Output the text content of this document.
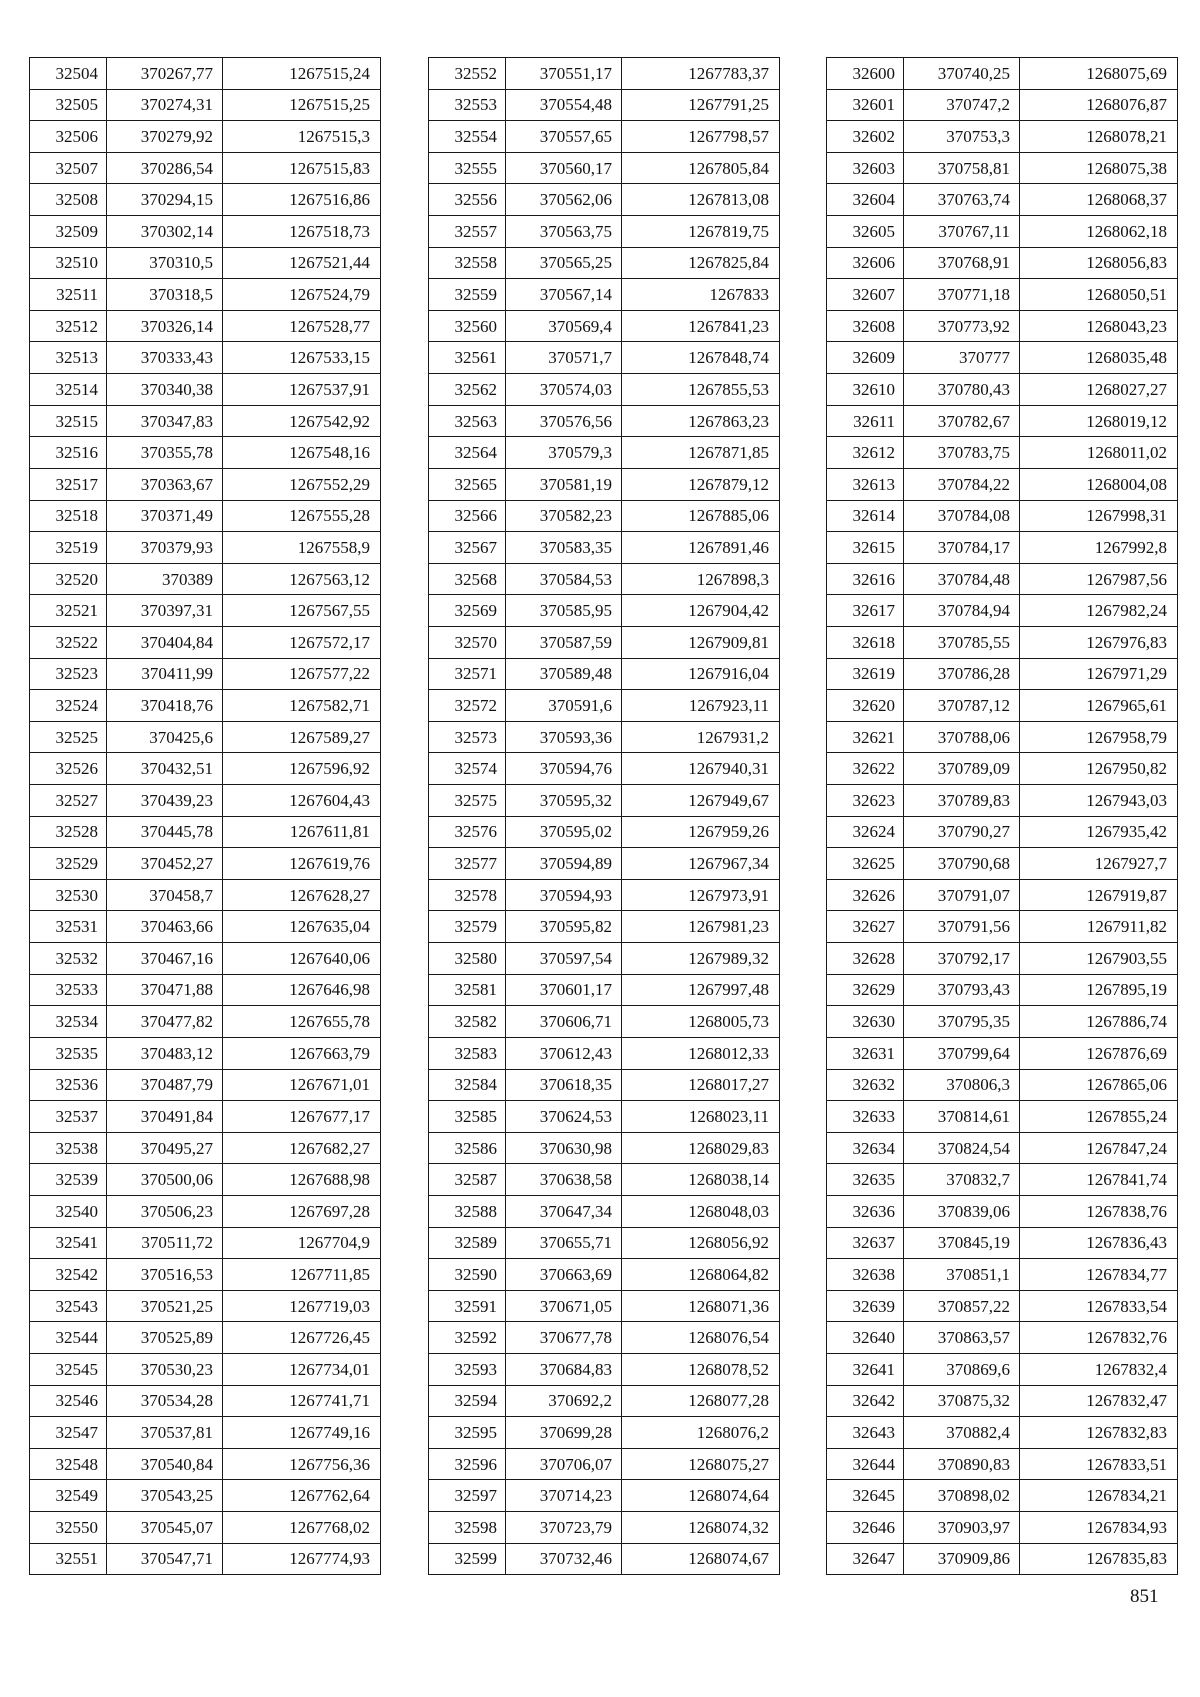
32504	370267,77	1267515,24
32505	370274,31	1267515,25
32506	370279,92	1267515,3
32507	370286,54	1267515,83
32508	370294,15	1267516,86
32509	370302,14	1267518,73
32510	370310,5	1267521,44
32511	370318,5	1267524,79
32512	370326,14	1267528,77
32513	370333,43	1267533,15
32514	370340,38	1267537,91
32515	370347,83	1267542,92
32516	370355,78	1267548,16
32517	370363,67	1267552,29
32518	370371,49	1267555,28
32519	370379,93	1267558,9
32520	370389	1267563,12
32521	370397,31	1267567,55
32522	370404,84	1267572,17
32523	370411,99	1267577,22
32524	370418,76	1267582,71
32525	370425,6	1267589,27
32526	370432,51	1267596,92
32527	370439,23	1267604,43
32528	370445,78	1267611,81
32529	370452,27	1267619,76
32530	370458,7	1267628,27
32531	370463,66	1267635,04
32532	370467,16	1267640,06
32533	370471,88	1267646,98
32534	370477,82	1267655,78
32535	370483,12	1267663,79
32536	370487,79	1267671,01
32537	370491,84	1267677,17
32538	370495,27	1267682,27
32539	370500,06	1267688,98
32540	370506,23	1267697,28
32541	370511,72	1267704,9
32542	370516,53	1267711,85
32543	370521,25	1267719,03
32544	370525,89	1267726,45
32545	370530,23	1267734,01
32546	370534,28	1267741,71
32547	370537,81	1267749,16
32548	370540,84	1267756,36
32549	370543,25	1267762,64
32550	370545,07	1267768,02
32551	370547,71	1267774,93
32552	370551,17	1267783,37
32553	370554,48	1267791,25
32554	370557,65	1267798,57
32555	370560,17	1267805,84
32556	370562,06	1267813,08
32557	370563,75	1267819,75
32558	370565,25	1267825,84
32559	370567,14	1267833
32560	370569,4	1267841,23
32561	370571,7	1267848,74
32562	370574,03	1267855,53
32563	370576,56	1267863,23
32564	370579,3	1267871,85
32565	370581,19	1267879,12
32566	370582,23	1267885,06
32567	370583,35	1267891,46
32568	370584,53	1267898,3
32569	370585,95	1267904,42
32570	370587,59	1267909,81
32571	370589,48	1267916,04
32572	370591,6	1267923,11
32573	370593,36	1267931,2
32574	370594,76	1267940,31
32575	370595,32	1267949,67
32576	370595,02	1267959,26
32577	370594,89	1267967,34
32578	370594,93	1267973,91
32579	370595,82	1267981,23
32580	370597,54	1267989,32
32581	370601,17	1267997,48
32582	370606,71	1268005,73
32583	370612,43	1268012,33
32584	370618,35	1268017,27
32585	370624,53	1268023,11
32586	370630,98	1268029,83
32587	370638,58	1268038,14
32588	370647,34	1268048,03
32589	370655,71	1268056,92
32590	370663,69	1268064,82
32591	370671,05	1268071,36
32592	370677,78	1268076,54
32593	370684,83	1268078,52
32594	370692,2	1268077,28
32595	370699,28	1268076,2
32596	370706,07	1268075,27
32597	370714,23	1268074,64
32598	370723,79	1268074,32
32599	370732,46	1268074,67
32600	370740,25	1268075,69
32601	370747,2	1268076,87
32602	370753,3	1268078,21
32603	370758,81	1268075,38
32604	370763,74	1268068,37
32605	370767,11	1268062,18
32606	370768,91	1268056,83
32607	370771,18	1268050,51
32608	370773,92	1268043,23
32609	370777	1268035,48
32610	370780,43	1268027,27
32611	370782,67	1268019,12
32612	370783,75	1268011,02
32613	370784,22	1268004,08
32614	370784,08	1267998,31
32615	370784,17	1267992,8
32616	370784,48	1267987,56
32617	370784,94	1267982,24
32618	370785,55	1267976,83
32619	370786,28	1267971,29
32620	370787,12	1267965,61
32621	370788,06	1267958,79
32622	370789,09	1267950,82
32623	370789,83	1267943,03
32624	370790,27	1267935,42
32625	370790,68	1267927,7
32626	370791,07	1267919,87
32627	370791,56	1267911,82
32628	370792,17	1267903,55
32629	370793,43	1267895,19
32630	370795,35	1267886,74
32631	370799,64	1267876,69
32632	370806,3	1267865,06
32633	370814,61	1267855,24
32634	370824,54	1267847,24
32635	370832,7	1267841,74
32636	370839,06	1267838,76
32637	370845,19	1267836,43
32638	370851,1	1267834,77
32639	370857,22	1267833,54
32640	370863,57	1267832,76
32641	370869,6	1267832,4
32642	370875,32	1267832,47
32643	370882,4	1267832,83
32644	370890,83	1267833,51
32645	370898,02	1267834,21
32646	370903,97	1267834,93
32647	370909,86	1267835,83
851
